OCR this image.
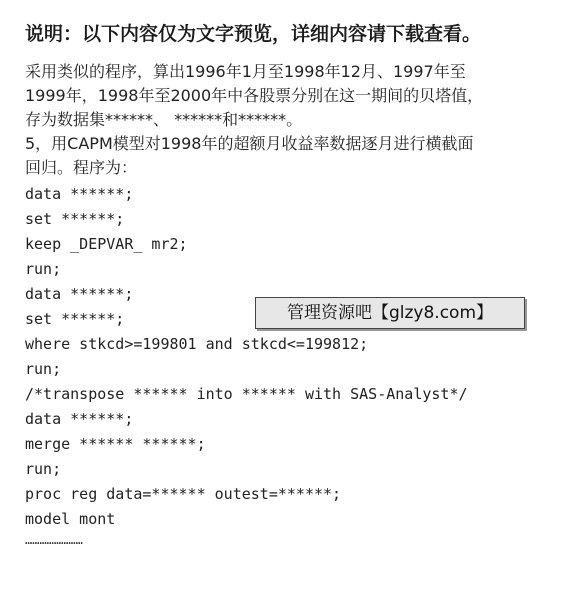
说明：以下内容仅为文字预览，详细内容请下载查看。
采用类似的程序，算出1996年1月至1998年12月、1997年至
1999年，1998年至2000年中各股票分别在这一期间的贝塔值，
存为数据集******、 ******和******。
5，用CAPM模型对1998年的超额月收益率数据逐月进行横截面
回归。程序为：
data ******;
set ******;
keep _DEPVAR_ mr2;
run;
data ******;
set ******;
where stkcd>=199801 and stkcd<=199812;
run;
/*transpose ****** into ****** with SAS-Analyst*/
data ******;
merge ****** ******;
run;
proc reg data=****** outest=******;
model mont
管理资源吧【glzy8.com】
……………………
